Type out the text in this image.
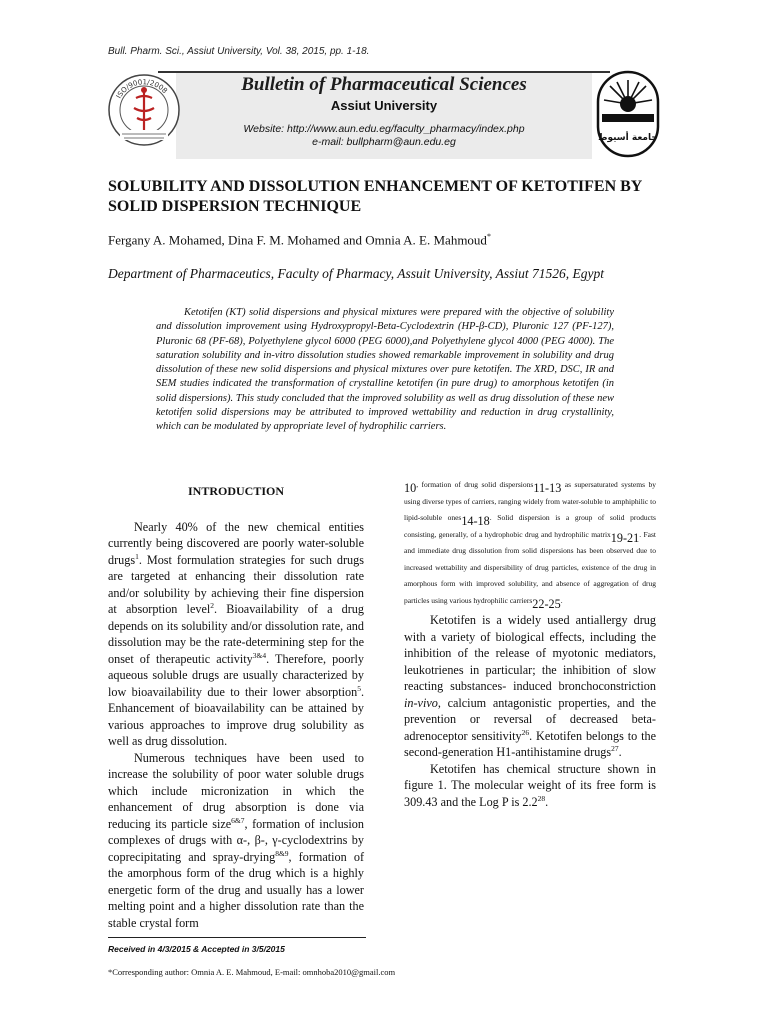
Bull. Pharm. Sci., Assiut University, Vol. 38, 2015, pp. 1-18.
ISO/9001/2008	Bulletin of Pharmaceutical Sciences
Assiut University
Website: http://www.aun.edu.eg/faculty_pharmacy/index.php
e-mail: bullpharm@aun.edu.eg	جامعة أسيوط
SOLUBILITY AND DISSOLUTION ENHANCEMENT OF KETOTIFEN BY SOLID DISPERSION TECHNIQUE
Fergany A. Mohamed, Dina F. M. Mohamed and Omnia A. E. Mahmoud*
Department of Pharmaceutics, Faculty of Pharmacy, Assuit University, Assiut 71526, Egypt
Ketotifen (KT) solid dispersions and physical mixtures were prepared with the objective of solubility and dissolution improvement using Hydroxypropyl-Beta-Cyclodextrin (HP-β-CD), Pluronic 127 (PF-127), Pluronic 68 (PF-68), Polyethylene glycol 6000 (PEG 6000),and Polyethylene glycol 4000 (PEG 4000). The saturation solubility and in-vitro dissolution studies showed remarkable improvement in solubility and drug dissolution of these new solid dispersions and physical mixtures over pure ketotifen. The XRD, DSC, IR and SEM studies indicated the transformation of crystalline ketotifen (in pure drug) to amorphous ketotifen (in solid dispersions). This study concluded that the improved solubility as well as drug dissolution of these new ketotifen solid dispersions may be attributed to improved wettability and reduction in drug crystallinity, which can be modulated by appropriate level of hydrophilic carriers.
INTRODUCTION

Nearly 40% of the new chemical entities currently being discovered are poorly water-soluble drugs$^1$. Most formulation strategies for such drugs are targeted at enhancing their dissolution rate and/or solubility by achieving their fine dispersion at absorption level$^2$. Bioavailability of a drug depends on its solubility and/or dissolution rate, and dissolution may be the rate-determining step for the onset of therapeutic activity$^{3\&4}$. Therefore, poorly aqueous soluble drugs are usually characterized by low bioavailability due to their lower absorption$^5$. Enhancement of bioavailability can be attained by various approaches to improve drug solubility as well as drug dissolution.

Numerous techniques have been used to increase the solubility of poor water soluble drugs which include micronization in which the enhancement of drug absorption is done via reducing its particle size$^{6\&7}$, formation of inclusion complexes of drugs with α-, β-, γ-cyclodextrins by coprecipitating and spray-drying$^{8\&9}$, formation of the amorphous form of the drug which is a highly energetic form of the drug and usually has a lower melting point and a higher dissolution rate than the stable crystal form

$10^{, formation of drug solid dispersions}11-13$ $^{as supersaturated systems by using diverse types of carriers, ranging widely from water-soluble to amphiphilic to lipid-soluble ones}14-18^{. Solid dispersion is a group of solid products consisting, generally, of a hydrophobic drug and hydrophilic matrix}19-21^{. Fast and immediate drug dissolution from solid dispersions has been observed due to increased wettability and dispersibility of drug particles, existence of the drug in amorphous form with improved solubility, and absence of aggregation of drug particles using various hydrophilic carriers}22-25^.$

Ketotifen is a widely used antiallergy drug with a variety of biological effects, including the inhibition of the release of myotonic mediators, leukotrienes in particular; the inhibition of slow reacting substances- induced bronchoconstriction in-vivo, calcium antagonistic properties, and the prevention or reversal of decreased beta-adrenoceptor sensitivity$^{26}$. Ketotifen belongs to the second-generation H1-antihistamine drugs$^{27}$.

Ketotifen has chemical structure shown in figure 1. The molecular weight of its free form is 309.43 and the Log P is $2.2^{28}$.

Received in 4/3/2015 & Accepted in 3/5/2015
*Corresponding author: Omnia A. E. Mahmoud, E-mail: omnhoba2010@gmail.com
